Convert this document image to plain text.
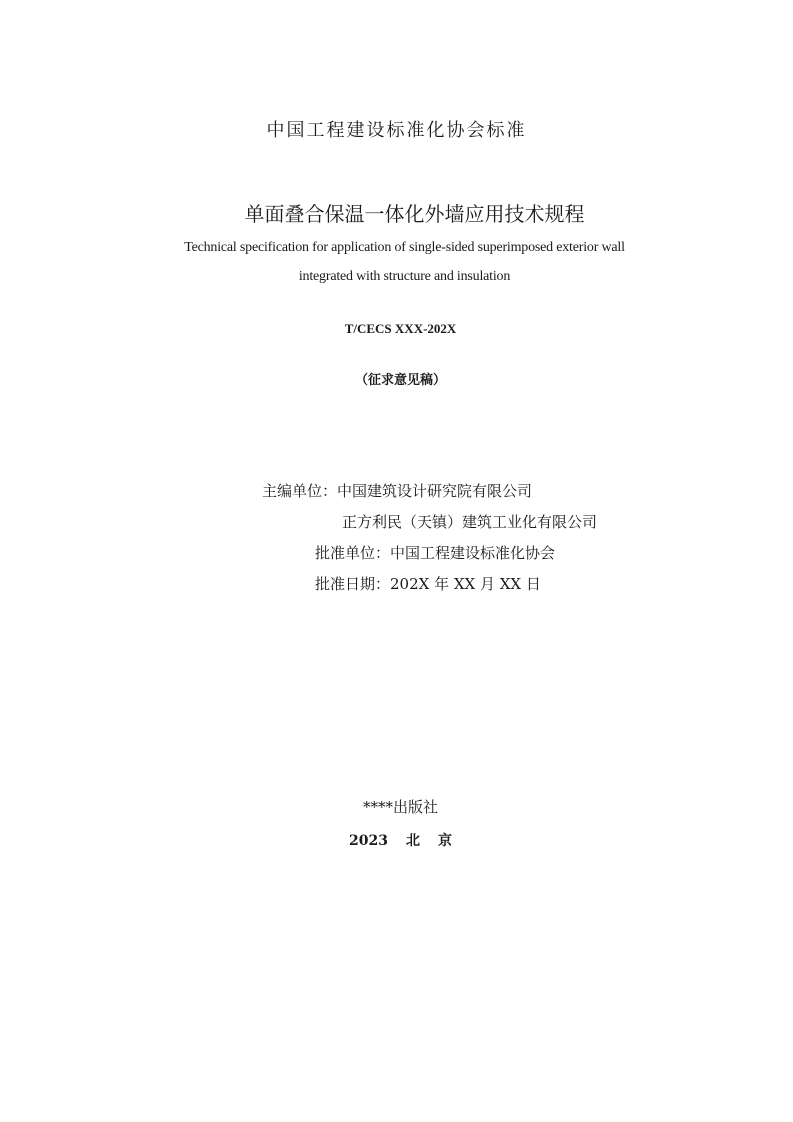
中国工程建设标准化协会标准
单面叠合保温一体化外墙应用技术规程
Technical specification for application of single-sided superimposed exterior wall
integrated with structure and insulation
T/CECS XXX-202X
（征求意见稿）
主编单位：中国建筑设计研究院有限公司
正方利民（天镇）建筑工业化有限公司
批准单位：中国工程建设标准化协会
批准日期：202X 年 XX 月 XX 日
****出版社
2023 北 京
